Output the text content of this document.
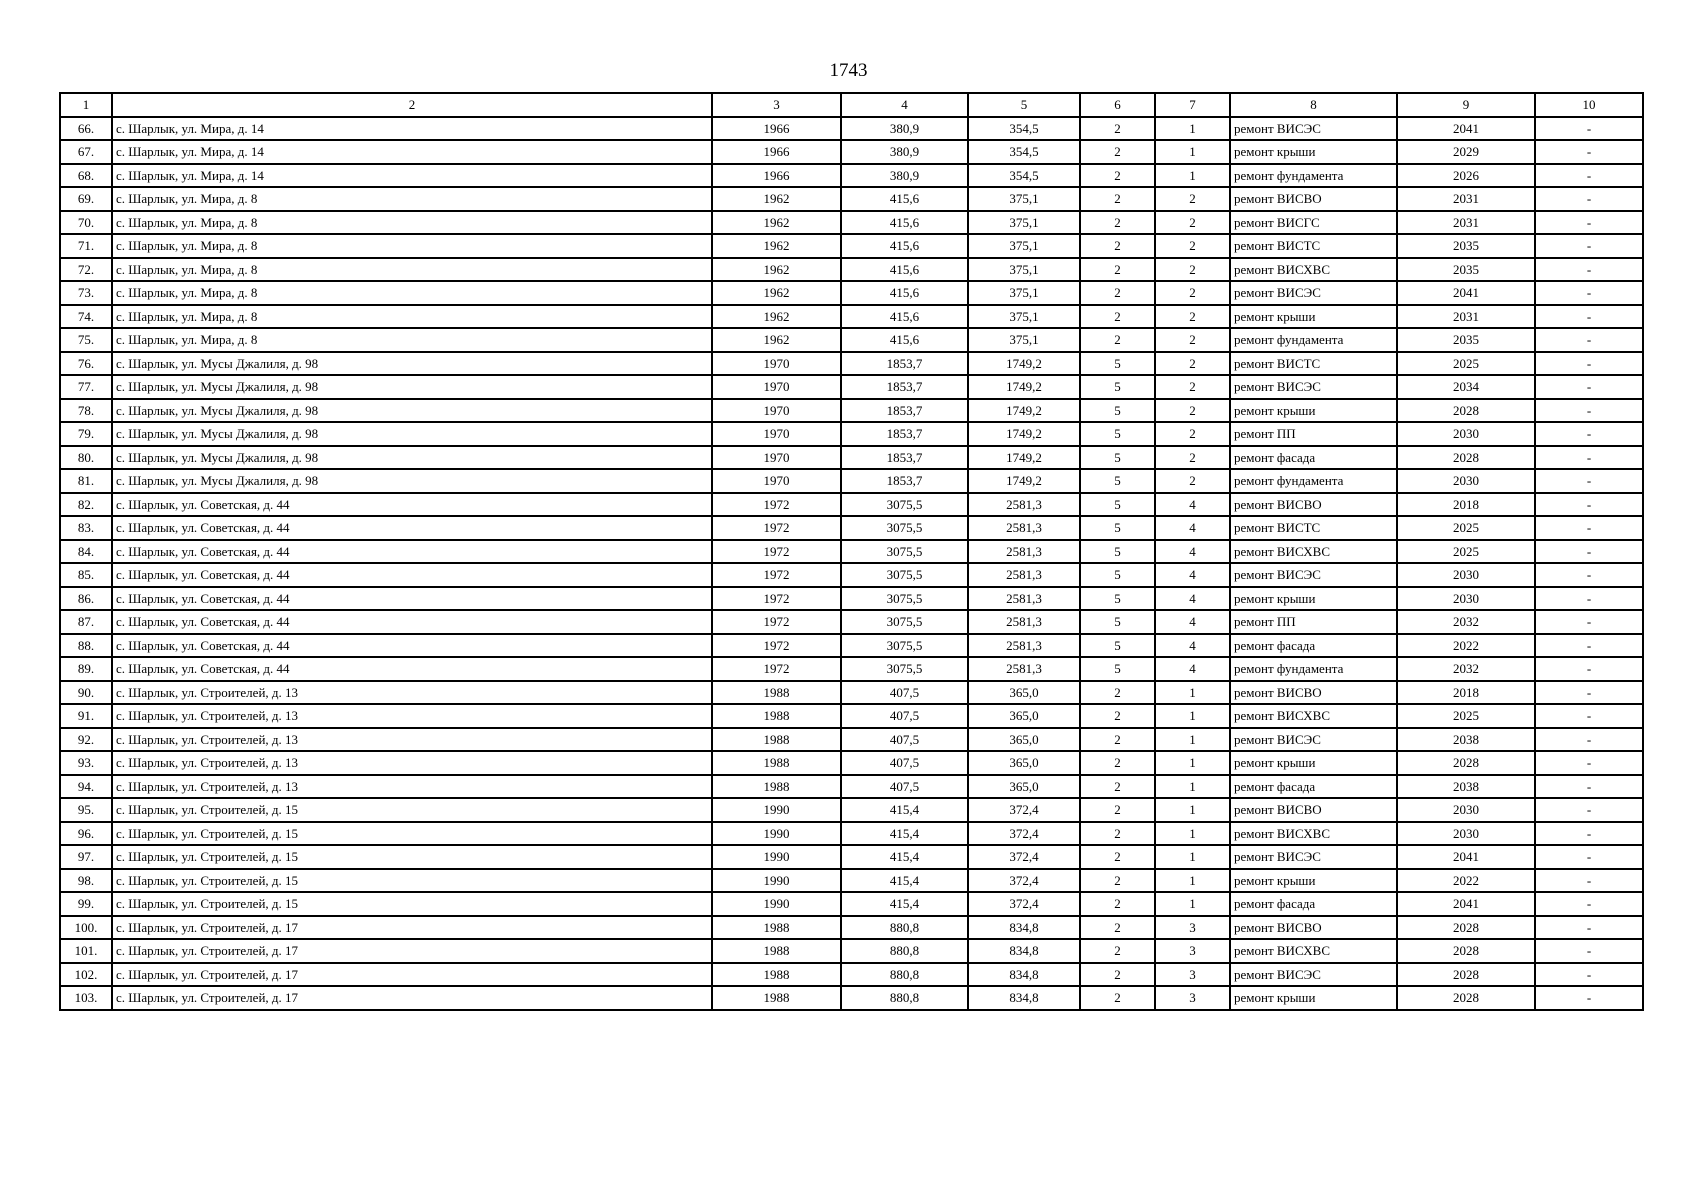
1743
1	2	3	4	5	6	7	8	9	10
66.	с. Шарлык, ул. Мира, д. 14	1966	380,9	354,5	2	1	ремонт ВИСЭС	2041	-
67.	с. Шарлык, ул. Мира, д. 14	1966	380,9	354,5	2	1	ремонт крыши	2029	-
68.	с. Шарлык, ул. Мира, д. 14	1966	380,9	354,5	2	1	ремонт фундамента	2026	-
69.	с. Шарлык, ул. Мира, д. 8	1962	415,6	375,1	2	2	ремонт ВИСВО	2031	-
70.	с. Шарлык, ул. Мира, д. 8	1962	415,6	375,1	2	2	ремонт ВИСГС	2031	-
71.	с. Шарлык, ул. Мира, д. 8	1962	415,6	375,1	2	2	ремонт ВИСТС	2035	-
72.	с. Шарлык, ул. Мира, д. 8	1962	415,6	375,1	2	2	ремонт ВИСХВС	2035	-
73.	с. Шарлык, ул. Мира, д. 8	1962	415,6	375,1	2	2	ремонт ВИСЭС	2041	-
74.	с. Шарлык, ул. Мира, д. 8	1962	415,6	375,1	2	2	ремонт крыши	2031	-
75.	с. Шарлык, ул. Мира, д. 8	1962	415,6	375,1	2	2	ремонт фундамента	2035	-
76.	с. Шарлык, ул. Мусы Джалиля, д. 98	1970	1853,7	1749,2	5	2	ремонт ВИСТС	2025	-
77.	с. Шарлык, ул. Мусы Джалиля, д. 98	1970	1853,7	1749,2	5	2	ремонт ВИСЭС	2034	-
78.	с. Шарлык, ул. Мусы Джалиля, д. 98	1970	1853,7	1749,2	5	2	ремонт крыши	2028	-
79.	с. Шарлык, ул. Мусы Джалиля, д. 98	1970	1853,7	1749,2	5	2	ремонт ПП	2030	-
80.	с. Шарлык, ул. Мусы Джалиля, д. 98	1970	1853,7	1749,2	5	2	ремонт фасада	2028	-
81.	с. Шарлык, ул. Мусы Джалиля, д. 98	1970	1853,7	1749,2	5	2	ремонт фундамента	2030	-
82.	с. Шарлык, ул. Советская, д. 44	1972	3075,5	2581,3	5	4	ремонт ВИСВО	2018	-
83.	с. Шарлык, ул. Советская, д. 44	1972	3075,5	2581,3	5	4	ремонт ВИСТС	2025	-
84.	с. Шарлык, ул. Советская, д. 44	1972	3075,5	2581,3	5	4	ремонт ВИСХВС	2025	-
85.	с. Шарлык, ул. Советская, д. 44	1972	3075,5	2581,3	5	4	ремонт ВИСЭС	2030	-
86.	с. Шарлык, ул. Советская, д. 44	1972	3075,5	2581,3	5	4	ремонт крыши	2030	-
87.	с. Шарлык, ул. Советская, д. 44	1972	3075,5	2581,3	5	4	ремонт ПП	2032	-
88.	с. Шарлык, ул. Советская, д. 44	1972	3075,5	2581,3	5	4	ремонт фасада	2022	-
89.	с. Шарлык, ул. Советская, д. 44	1972	3075,5	2581,3	5	4	ремонт фундамента	2032	-
90.	с. Шарлык, ул. Строителей, д. 13	1988	407,5	365,0	2	1	ремонт ВИСВО	2018	-
91.	с. Шарлык, ул. Строителей, д. 13	1988	407,5	365,0	2	1	ремонт ВИСХВС	2025	-
92.	с. Шарлык, ул. Строителей, д. 13	1988	407,5	365,0	2	1	ремонт ВИСЭС	2038	-
93.	с. Шарлык, ул. Строителей, д. 13	1988	407,5	365,0	2	1	ремонт крыши	2028	-
94.	с. Шарлык, ул. Строителей, д. 13	1988	407,5	365,0	2	1	ремонт фасада	2038	-
95.	с. Шарлык, ул. Строителей, д. 15	1990	415,4	372,4	2	1	ремонт ВИСВО	2030	-
96.	с. Шарлык, ул. Строителей, д. 15	1990	415,4	372,4	2	1	ремонт ВИСХВС	2030	-
97.	с. Шарлык, ул. Строителей, д. 15	1990	415,4	372,4	2	1	ремонт ВИСЭС	2041	-
98.	с. Шарлык, ул. Строителей, д. 15	1990	415,4	372,4	2	1	ремонт крыши	2022	-
99.	с. Шарлык, ул. Строителей, д. 15	1990	415,4	372,4	2	1	ремонт фасада	2041	-
100.	с. Шарлык, ул. Строителей, д. 17	1988	880,8	834,8	2	3	ремонт ВИСВО	2028	-
101.	с. Шарлык, ул. Строителей, д. 17	1988	880,8	834,8	2	3	ремонт ВИСХВС	2028	-
102.	с. Шарлык, ул. Строителей, д. 17	1988	880,8	834,8	2	3	ремонт ВИСЭС	2028	-
103.	с. Шарлык, ул. Строителей, д. 17	1988	880,8	834,8	2	3	ремонт крыши	2028	-
